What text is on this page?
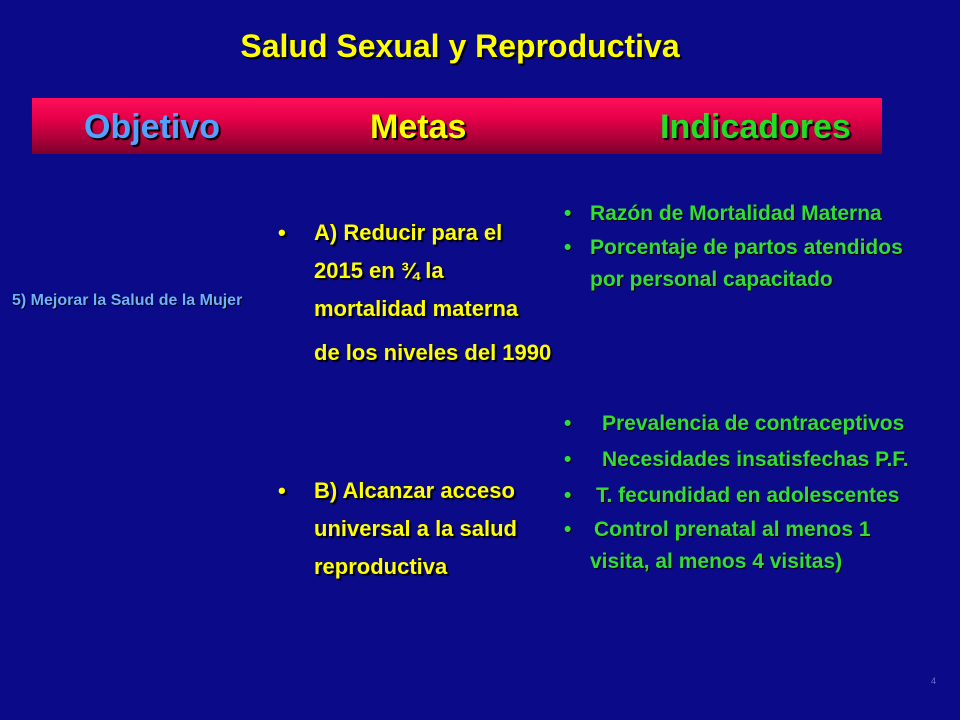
Salud Sexual y Reproductiva
Objetivo	Metas	Indicadores
5) Mejorar la Salud de la Mujer
• A) Reducir para el
2015 en ¾ la
mortalidad materna
de los niveles del 1990
• B) Alcanzar acceso
universal a la salud
reproductiva
• Razón de Mortalidad Materna
• Porcentaje de partos atendidos
por personal capacitado
• Prevalencia de contraceptivos
• Necesidades insatisfechas P.F.
• T. fecundidad en adolescentes
• Control prenatal al menos 1
visita, al menos 4 visitas)
4
